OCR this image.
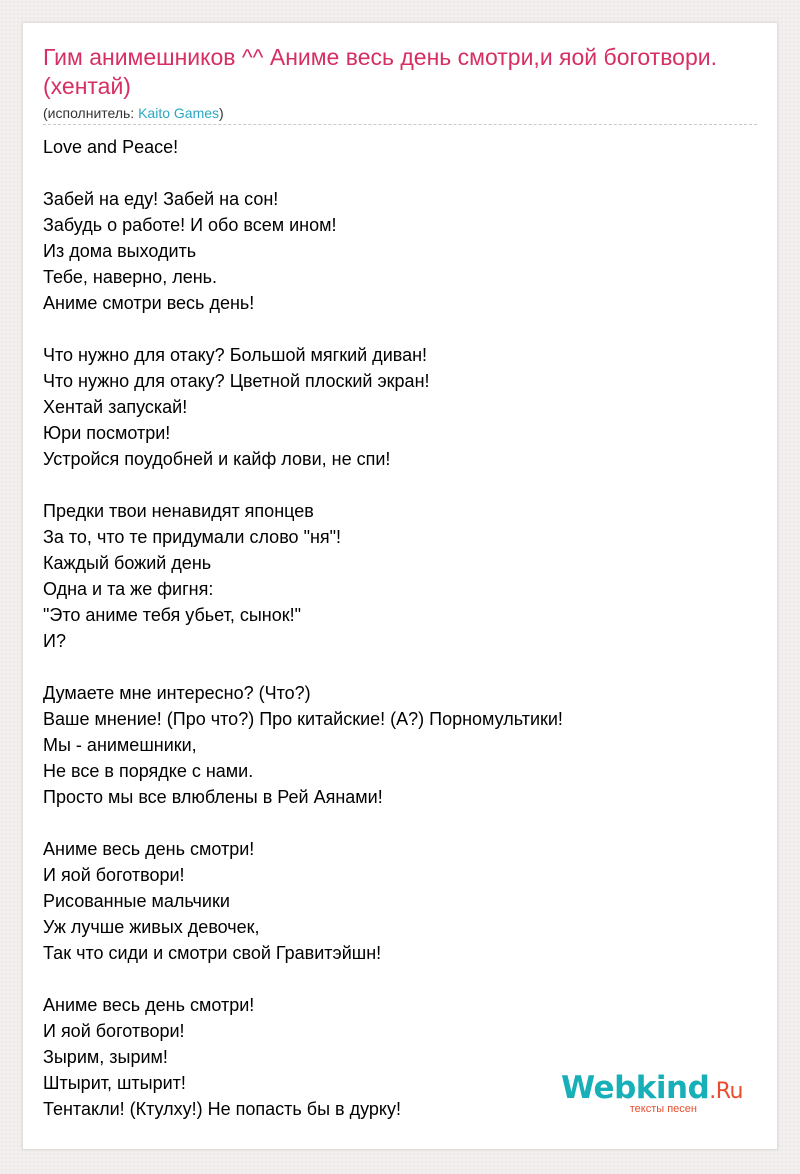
Гим анимешников ^^ Аниме весь день смотри,и яой боготвори.(хентай)
(исполнитель: Kaito Games)
Love and Peace!
Забей на еду! Забей на сон!
Забудь о работе! И обо всем ином!
Из дома выходить
Тебе, наверно, лень.
Аниме смотри весь день!
Что нужно для отаку? Большой мягкий диван!
Что нужно для отаку? Цветной плоский экран!
Хентай запускай!
Юри посмотри!
Устройся поудобней и кайф лови, не спи!
Предки твои ненавидят японцев
За то, что те придумали слово "ня"!
Каждый божий день
Одна и та же фигня:
"Это аниме тебя убьет, сынок!"
И?
Думаете мне интересно? (Что?)
Ваше мнение! (Про что?) Про китайские! (А?) Порномультики!
Мы - анимешники,
Не все в порядке с нами.
Просто мы все влюблены в Рей Аянами!
Аниме весь день смотри!
И яой боготвори!
Рисованные мальчики
Уж лучше живых девочек,
Так что сиди и смотри свой Гравитэйшн!
Аниме весь день смотри!
И яой боготвори!
Зырим, зырим!
Штырит, штырит!
Тентакли! (Ктулху!) Не попасть бы в дурку!
Webkind.Ru
тексты песен
